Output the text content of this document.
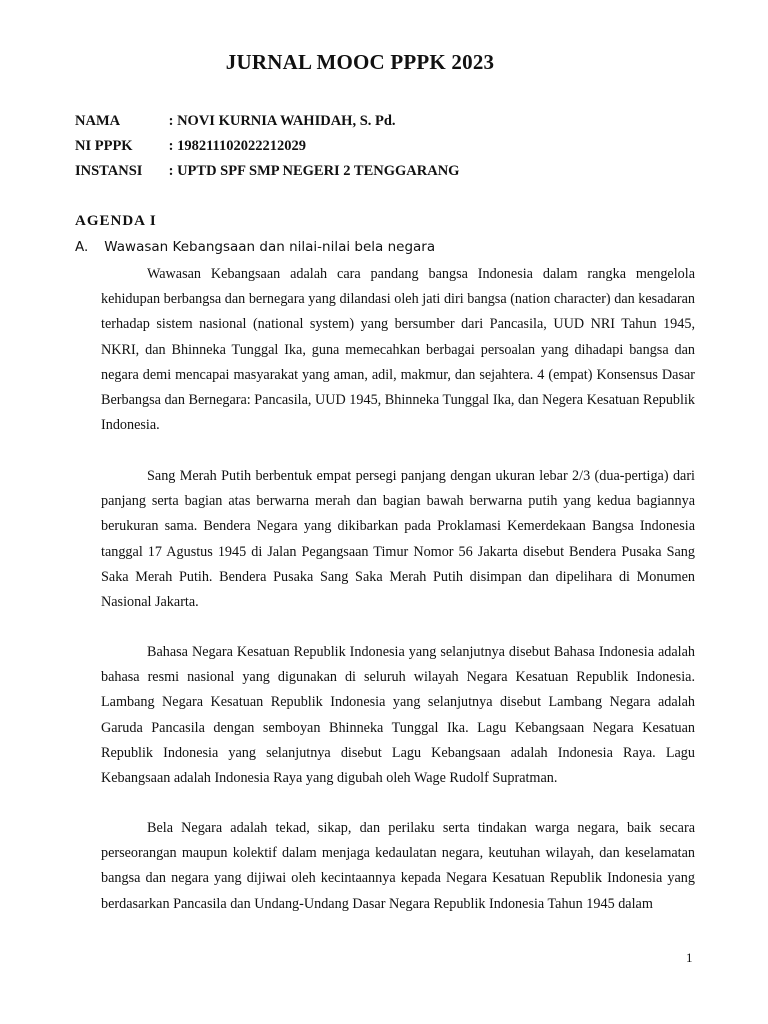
JURNAL MOOC PPPK 2023
NAMA	: NOVI KURNIA WAHIDAH, S. Pd.
NI PPPK : 198211102022212029
INSTANSI : UPTD SPF SMP NEGERI 2 TENGGARANG
AGENDA I
A. Wawasan Kebangsaan dan nilai-nilai bela negara

Wawasan Kebangsaan adalah cara pandang bangsa Indonesia dalam rangka mengelola kehidupan berbangsa dan bernegara yang dilandasi oleh jati diri bangsa (nation character) dan kesadaran terhadap sistem nasional (national system) yang bersumber dari Pancasila, UUD NRI Tahun 1945, NKRI, dan Bhinneka Tunggal Ika, guna memecahkan berbagai persoalan yang dihadapi bangsa dan negara demi mencapai masyarakat yang aman, adil, makmur, dan sejahtera. 4 (empat) Konsensus Dasar Berbangsa dan Bernegara: Pancasila, UUD 1945, Bhinneka Tunggal Ika, dan Negera Kesatuan Republik Indonesia.

Sang Merah Putih berbentuk empat persegi panjang dengan ukuran lebar 2/3 (dua-pertiga) dari panjang serta bagian atas berwarna merah dan bagian bawah berwarna putih yang kedua bagiannya berukuran sama. Bendera Negara yang dikibarkan pada Proklamasi Kemerdekaan Bangsa Indonesia tanggal 17 Agustus 1945 di Jalan Pegangsaan Timur Nomor 56 Jakarta disebut Bendera Pusaka Sang Saka Merah Putih. Bendera Pusaka Sang Saka Merah Putih disimpan dan dipelihara di Monumen Nasional Jakarta.

Bahasa Negara Kesatuan Republik Indonesia yang selanjutnya disebut Bahasa Indonesia adalah bahasa resmi nasional yang digunakan di seluruh wilayah Negara Kesatuan Republik Indonesia. Lambang Negara Kesatuan Republik Indonesia yang selanjutnya disebut Lambang Negara adalah Garuda Pancasila dengan semboyan Bhinneka Tunggal Ika. Lagu Kebangsaan Negara Kesatuan Republik Indonesia yang selanjutnya disebut Lagu Kebangsaan adalah Indonesia Raya. Lagu Kebangsaan adalah Indonesia Raya yang digubah oleh Wage Rudolf Supratman.

Bela Negara adalah tekad, sikap, dan perilaku serta tindakan warga negara, baik secara perseorangan maupun kolektif dalam menjaga kedaulatan negara, keutuhan wilayah, dan keselamatan bangsa dan negara yang dijiwai oleh kecintaannya kepada Negara Kesatuan Republik Indonesia yang berdasarkan Pancasila dan Undang-Undang Dasar Negara Republik Indonesia Tahun 1945 dalam

1
